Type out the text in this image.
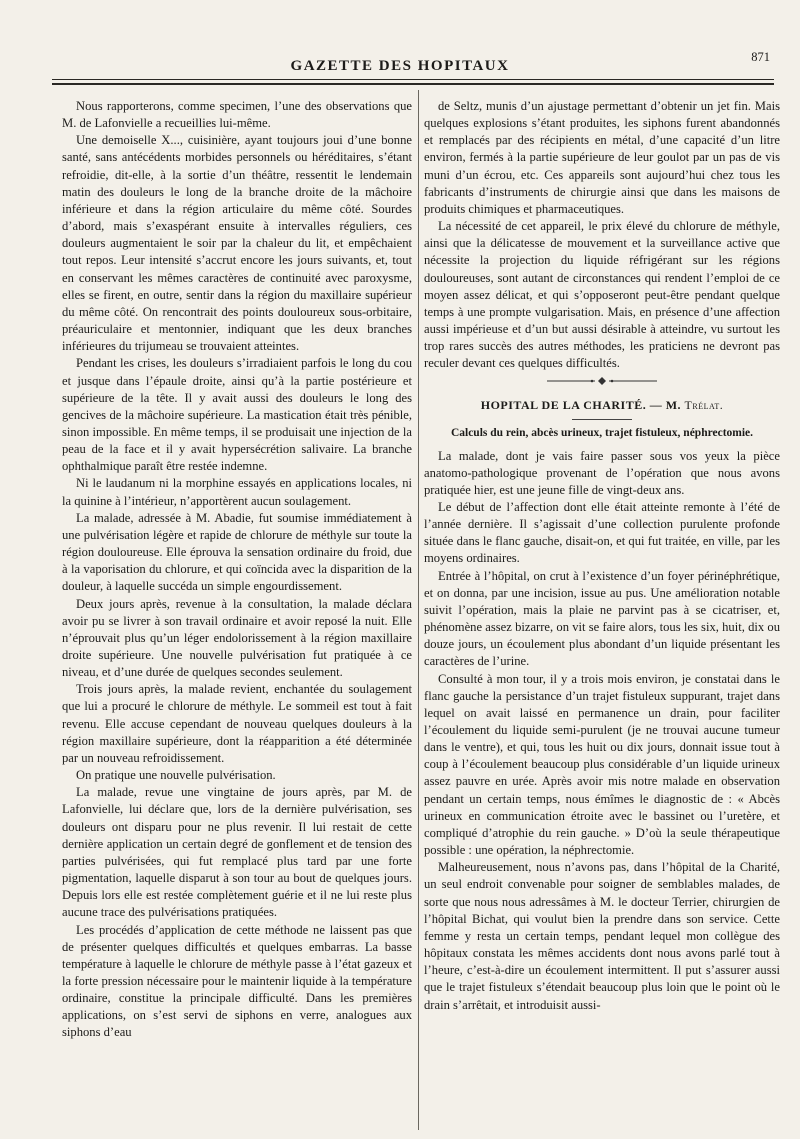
GAZETTE DES HOPITAUX
871

Nous rapporterons, comme specimen, l’une des observations que M. de Lafonvielle a recueillies lui-même.

Une demoiselle X..., cuisinière, ayant toujours joui d’une bonne santé, sans antécédents morbides personnels ou héréditaires, s’étant refroidie, dit-elle, à la sortie d’un théâtre, ressentit le lendemain matin des douleurs le long de la branche droite de la mâchoire inférieure et dans la région articulaire du même côté. Sourdes d’abord, mais s’exaspérant ensuite à intervalles réguliers, ces douleurs augmentaient le soir par la chaleur du lit, et empêchaient tout repos. Leur intensité s’accrut encore les jours suivants, et, tout en conservant les mêmes caractères de continuité avec paroxysme, elles se firent, en outre, sentir dans la région du maxillaire supérieur du même côté. On rencontrait des points douloureux sous-orbitaire, préauriculaire et mentonnier, indiquant que les deux branches inférieures du trijumeau se trouvaient atteintes.

Pendant les crises, les douleurs s’irradiaient parfois le long du cou et jusque dans l’épaule droite, ainsi qu’à la partie postérieure et supérieure de la tête. Il y avait aussi des douleurs le long des gencives de la mâchoire supérieure. La mastication était très pénible, sinon impossible. En même temps, il se produisait une injection de la peau de la face et il y avait hypersécrétion salivaire. La branche ophthalmique paraît être restée indemne.

Ni le laudanum ni la morphine essayés en applications locales, ni la quinine à l’intérieur, n’apportèrent aucun soulagement.

La malade, adressée à M. Abadie, fut soumise immédiatement à une pulvérisation légère et rapide de chlorure de méthyle sur toute la région douloureuse. Elle éprouva la sensation ordinaire du froid, due à la vaporisation du chlorure, et qui coïncida avec la disparition de la douleur, à laquelle succéda un simple engourdissement.

Deux jours après, revenue à la consultation, la malade déclara avoir pu se livrer à son travail ordinaire et avoir reposé la nuit. Elle n’éprouvait plus qu’un léger endolorissement à la région maxillaire droite supérieure. Une nouvelle pulvérisation fut pratiquée à ce niveau, et d’une durée de quelques secondes seulement.

Trois jours après, la malade revient, enchantée du soulagement que lui a procuré le chlorure de méthyle. Le sommeil est tout à fait revenu. Elle accuse cependant de nouveau quelques douleurs à la région maxillaire supérieure, dont la réapparition a été déterminée par un nouveau refroidissement.

On pratique une nouvelle pulvérisation.

La malade, revue une vingtaine de jours après, par M. de Lafonvielle, lui déclare que, lors de la dernière pulvérisation, ses douleurs ont disparu pour ne plus revenir. Il lui restait de cette dernière application un certain degré de gonflement et de tension des parties pulvérisées, qui fut remplacé plus tard par une forte pigmentation, laquelle disparut à son tour au bout de quelques jours. Depuis lors elle est restée complètement guérie et il ne lui reste plus aucune trace des pulvérisations pratiquées.

Les procédés d’application de cette méthode ne laissent pas que de présenter quelques difficultés et quelques embarras. La basse température à laquelle le chlorure de méthyle passe à l’état gazeux et la forte pression nécessaire pour le maintenir liquide à la température ordinaire, constitue la principale difficulté. Dans les premières applications, on s’est servi de siphons en verre, analogues aux siphons d’eau

de Seltz, munis d’un ajustage permettant d’obtenir un jet fin. Mais quelques explosions s’étant produites, les siphons furent abandonnés et remplacés par des récipients en métal, d’une capacité d’un litre environ, fermés à la partie supérieure de leur goulot par un pas de vis muni d’un écrou, etc. Ces appareils sont aujourd’hui chez tous les fabricants d’instruments de chirurgie ainsi que dans les maisons de produits chimiques et pharmaceutiques.

La nécessité de cet appareil, le prix élevé du chlorure de méthyle, ainsi que la délicatesse de mouvement et la surveillance active que nécessite la projection du liquide réfrigérant sur les régions douloureuses, sont autant de circonstances qui rendent l’emploi de ce moyen assez délicat, et qui s’opposeront peut-être pendant quelque temps à une prompte vulgarisation. Mais, en présence d’une affection aussi impérieuse et d’un but aussi désirable à atteindre, vu surtout les trop rares succès des autres méthodes, les praticiens ne devront pas reculer devant ces quelques difficultés.

HOPITAL DE LA CHARITÉ. — M. Trélat.
Calculs du rein, abcès urineux, trajet fistuleux, néphrectomie.

La malade, dont je vais faire passer sous vos yeux la pièce anatomo-pathologique provenant de l’opération que nous avons pratiquée hier, est une jeune fille de vingt-deux ans.

Le début de l’affection dont elle était atteinte remonte à l’été de l’année dernière. Il s’agissait d’une collection purulente profonde située dans le flanc gauche, disait-on, et qui fut traitée, en ville, par les moyens ordinaires.

Entrée à l’hôpital, on crut à l’existence d’un foyer périnéphrétique, et on donna, par une incision, issue au pus. Une amélioration notable suivit l’opération, mais la plaie ne parvint pas à se cicatriser, et, phénomène assez bizarre, on vit se faire alors, tous les six, huit, dix ou douze jours, un écoulement plus abondant d’un liquide présentant les caractères de l’urine.

Consulté à mon tour, il y a trois mois environ, je constatai dans le flanc gauche la persistance d’un trajet fistuleux suppurant, trajet dans lequel on avait laissé en permanence un drain, pour faciliter l’écoulement du liquide semi-purulent (je ne trouvai aucune tumeur dans le ventre), et qui, tous les huit ou dix jours, donnait issue tout à coup à l’écoulement beaucoup plus considérable d’un liquide urineux assez pauvre en urée. Après avoir mis notre malade en observation pendant un certain temps, nous émîmes le diagnostic de : « Abcès urineux en communication étroite avec le bassinet ou l’uretère, et compliqué d’atrophie du rein gauche. » D’où la seule thérapeutique possible : une opération, la néphrectomie.

Malheureusement, nous n’avons pas, dans l’hôpital de la Charité, un seul endroit convenable pour soigner de semblables malades, de sorte que nous nous adressâmes à M. le docteur Terrier, chirurgien de l’hôpital Bichat, qui voulut bien la prendre dans son service. Cette femme y resta un certain temps, pendant lequel mon collègue des hôpitaux constata les mêmes accidents dont nous avons parlé tout à l’heure, c’est-à-dire un écoulement intermittent. Il put s’assurer aussi que le trajet fistuleux s’étendait beaucoup plus loin que le point où le drain s’arrêtait, et introduisit aussi-
